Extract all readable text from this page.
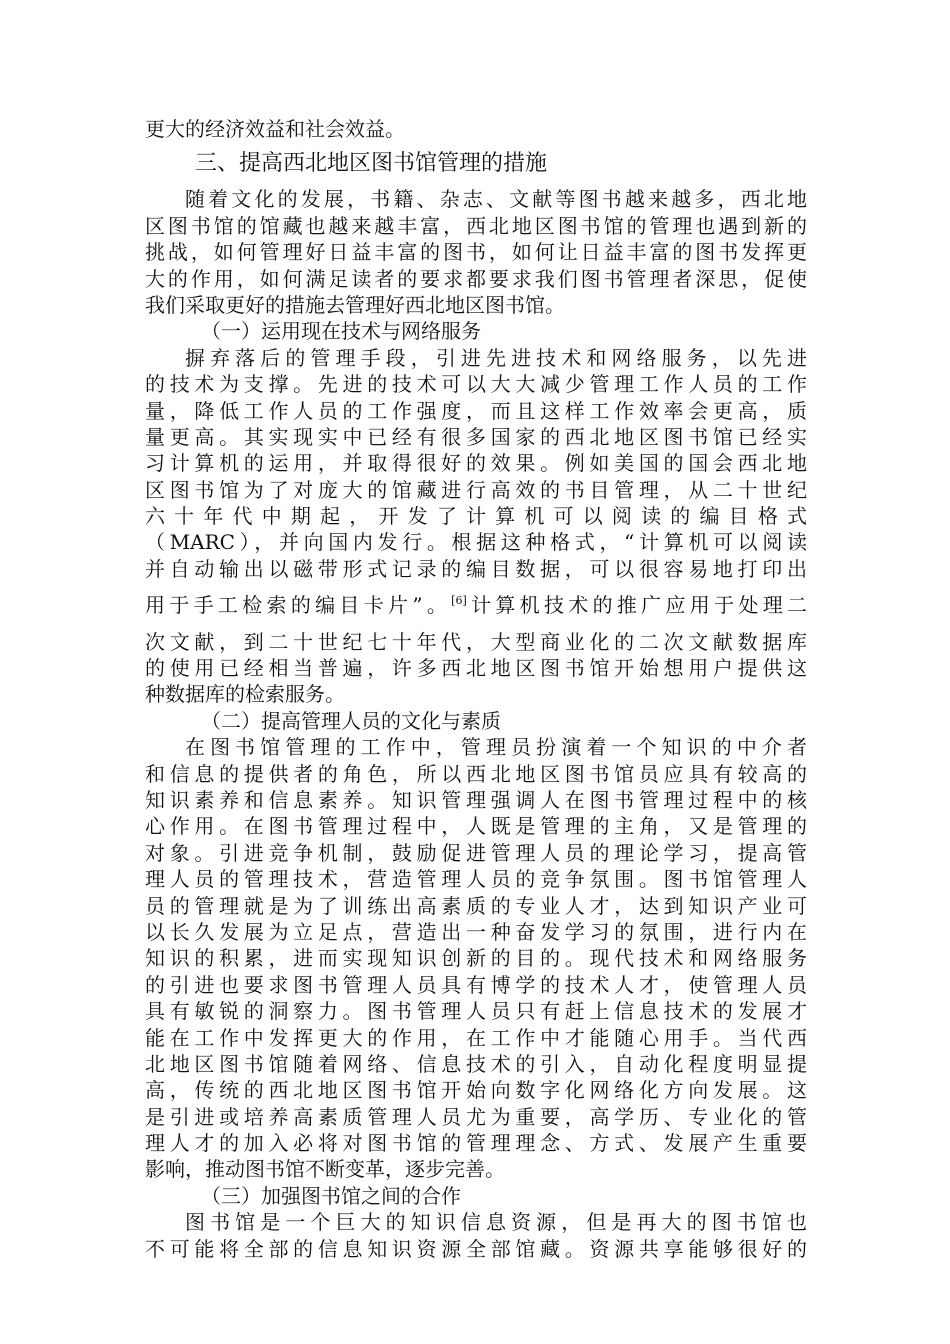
更大的经济效益和社会效益。
三、提高西北地区图书馆管理的措施
随着文化的发展，书籍、杂志、文献等图书越来越多，西北地
区图书馆的馆藏也越来越丰富，西北地区图书馆的管理也遇到新的
挑战，如何管理好日益丰富的图书，如何让日益丰富的图书发挥更
大的作用，如何满足读者的要求都要求我们图书管理者深思，促使
我们采取更好的措施去管理好西北地区图书馆。
（一）运用现在技术与网络服务
摒弃落后的管理手段，引进先进技术和网络服务，以先进
的技术为支撑。先进的技术可以大大减少管理工作人员的工作
量，降低工作人员的工作强度，而且这样工作效率会更高，质
量更高。其实现实中已经有很多国家的西北地区图书馆已经实
习计算机的运用，并取得很好的效果。例如美国的国会西北地
区图书馆为了对庞大的馆藏进行高效的书目管理，从二十世纪
六十年代中期起，开发了计算机可以阅读的编目格式
（MARC），并向国内发行。根据这种格式，“计算机可以阅读
并自动输出以磁带形式记录的编目数据，可以很容易地打印出
用于手工检索的编目卡片”。[6]计算机技术的推广应用于处理二
次文献，到二十世纪七十年代，大型商业化的二次文献数据库
的使用已经相当普遍，许多西北地区图书馆开始想用户提供这
种数据库的检索服务。
（二）提高管理人员的文化与素质
在图书馆管理的工作中，管理员扮演着一个知识的中介者
和信息的提供者的角色，所以西北地区图书馆员应具有较高的
知识素养和信息素养。知识管理强调人在图书管理过程中的核
心作用。在图书管理过程中，人既是管理的主角，又是管理的
对象。引进竞争机制，鼓励促进管理人员的理论学习，提高管
理人员的管理技术，营造管理人员的竞争氛围。图书馆管理人
员的管理就是为了训练出高素质的专业人才，达到知识产业可
以长久发展为立足点，营造出一种奋发学习的氛围，进行内在
知识的积累，进而实现知识创新的目的。现代技术和网络服务
的引进也要求图书管理人员具有博学的技术人才，使管理人员
具有敏锐的洞察力。图书管理人员只有赶上信息技术的发展才
能在工作中发挥更大的作用，在工作中才能随心用手。当代西
北地区图书馆随着网络、信息技术的引入，自动化程度明显提
高，传统的西北地区图书馆开始向数字化网络化方向发展。这
是引进或培养高素质管理人员尤为重要，高学历、专业化的管
理人才的加入必将对图书馆的管理理念、方式、发展产生重要
影响，推动图书馆不断变革，逐步完善。
（三）加强图书馆之间的合作
图书馆是一个巨大的知识信息资源，但是再大的图书馆也
不可能将全部的信息知识资源全部馆藏。资源共享能够很好的
